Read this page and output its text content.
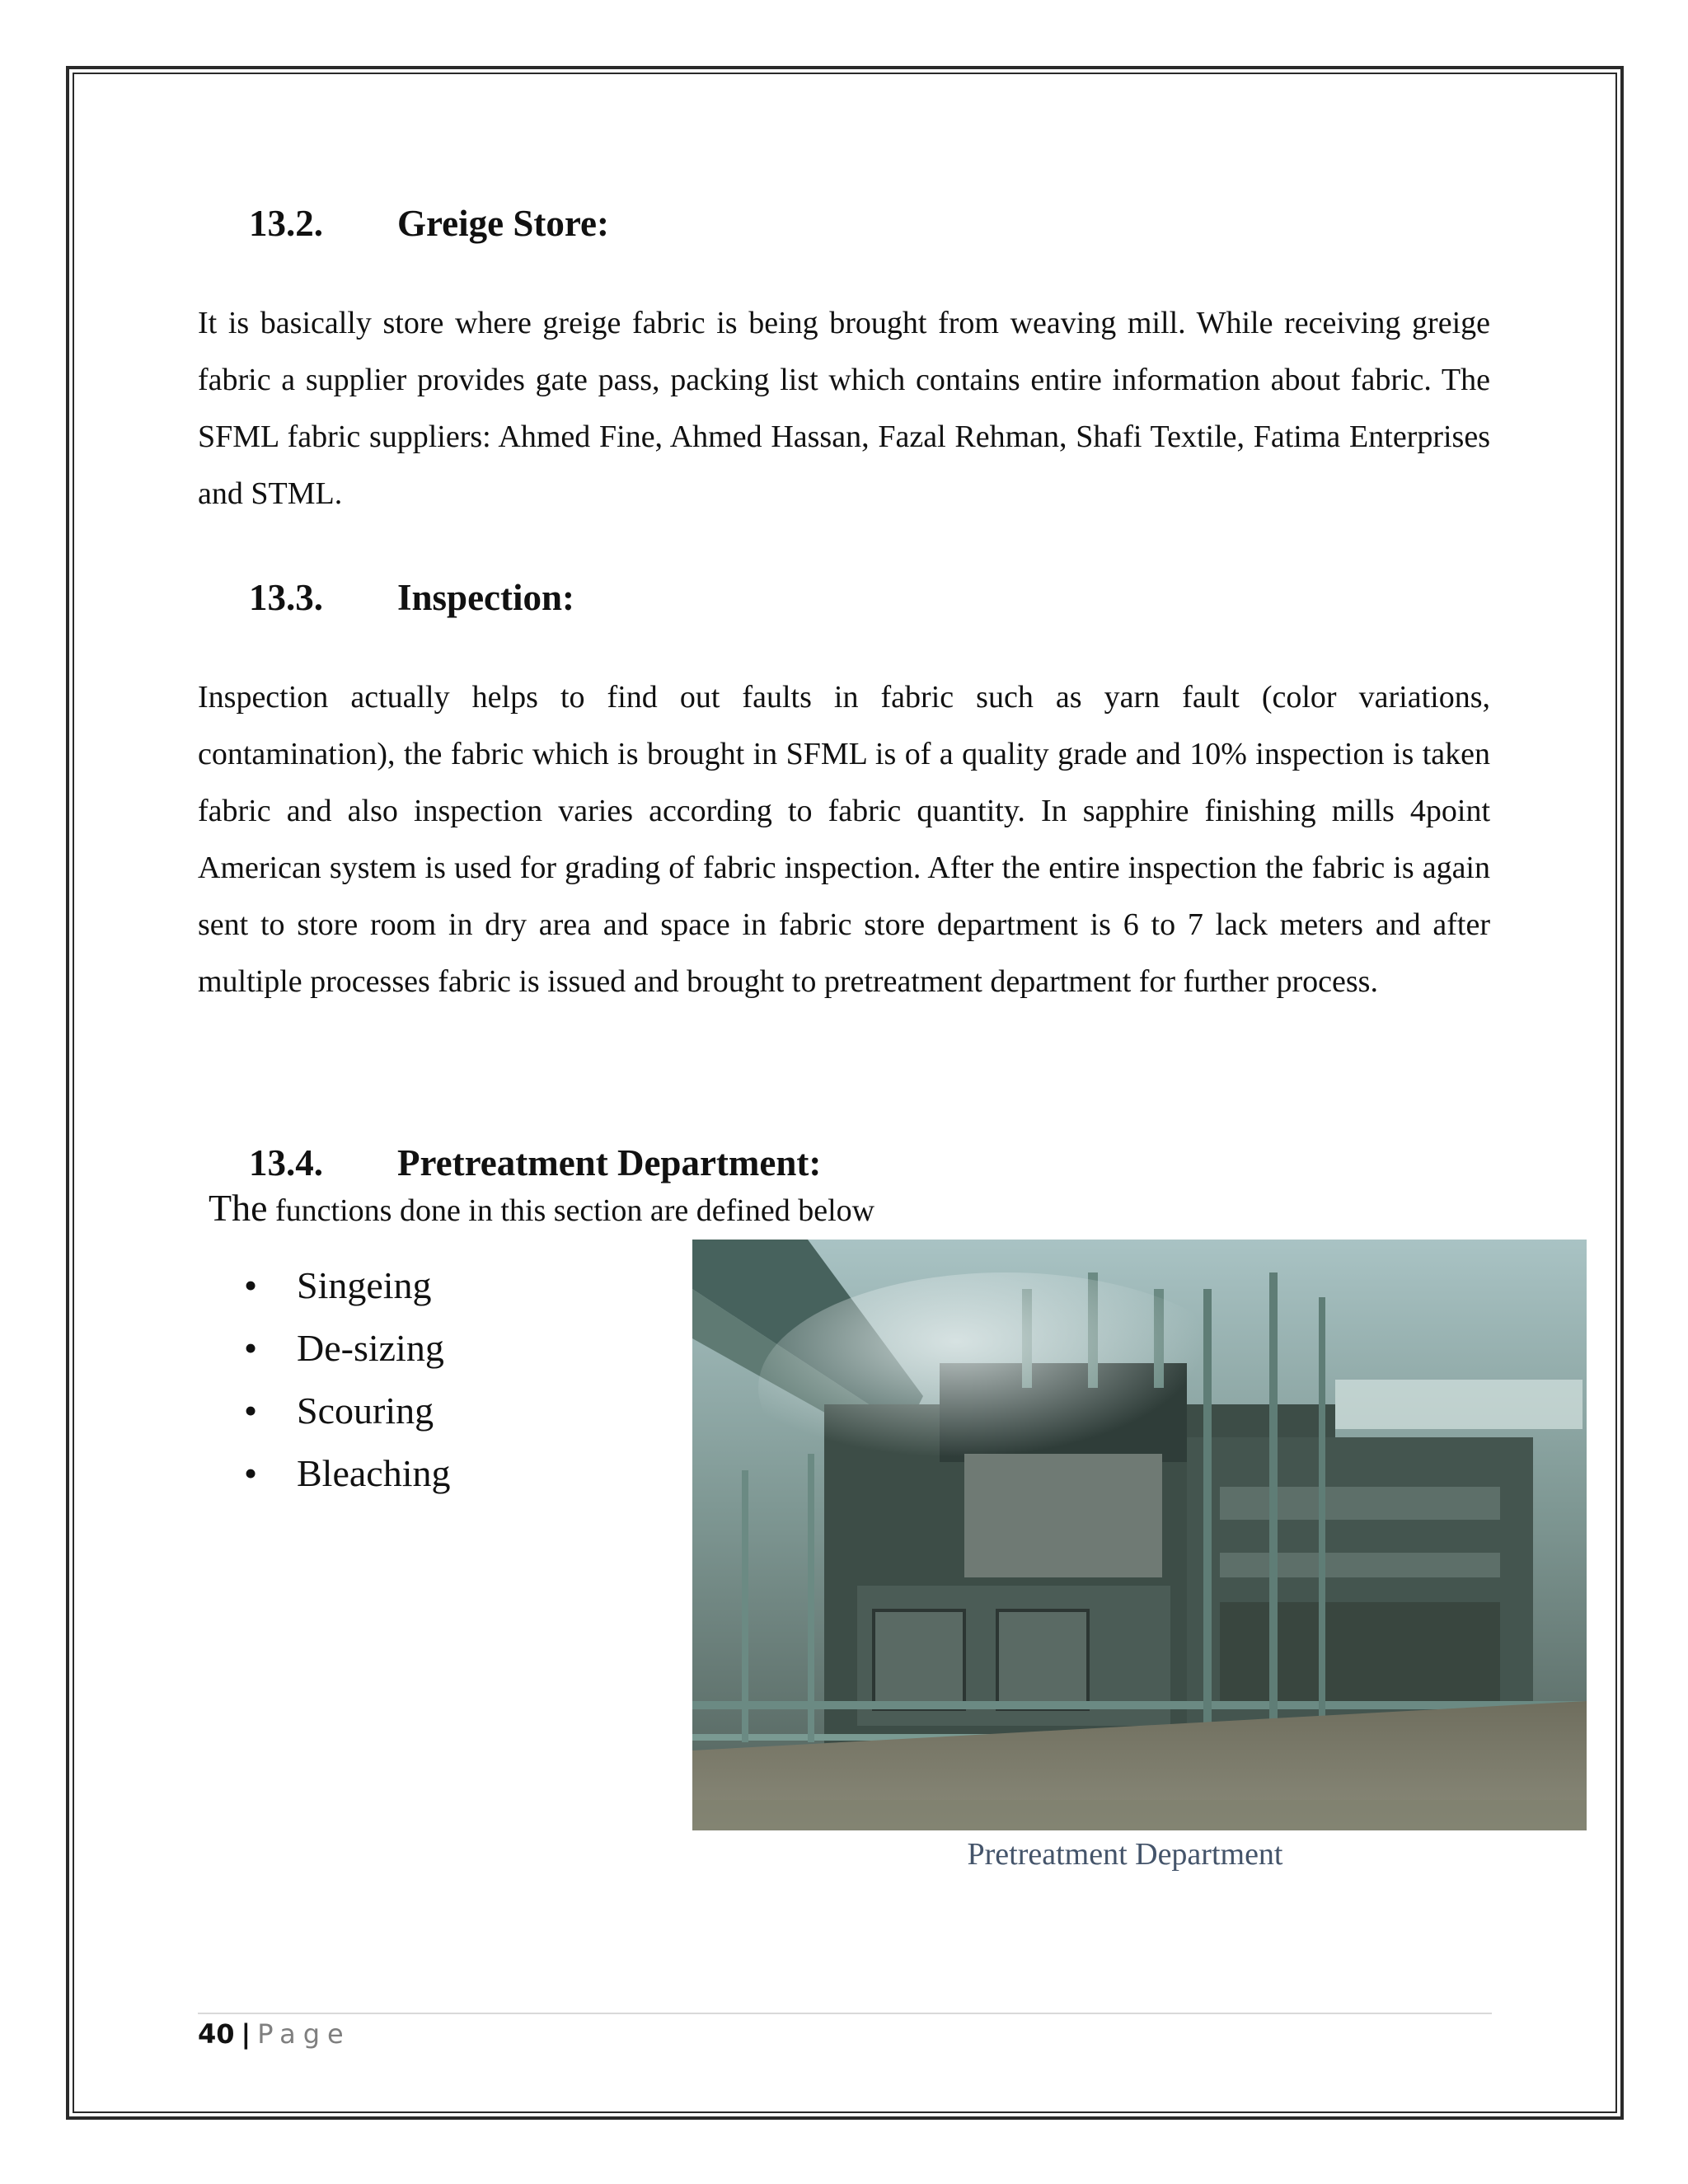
13.2. Greige Store:

It is basically store where greige fabric is being brought from weaving mill. While receiving greige fabric a supplier provides gate pass, packing list which contains entire information about fabric. The SFML fabric suppliers: Ahmed Fine, Ahmed Hassan, Fazal Rehman, Shafi Textile, Fatima Enterprises and STML.

13.3. Inspection:

Inspection actually helps to find out faults in fabric such as yarn fault (color variations, contamination), the fabric which is brought in SFML is of a quality grade and 10% inspection is taken fabric and also inspection varies according to fabric quantity. In sapphire finishing mills 4point American system is used for grading of fabric inspection. After the entire inspection the fabric is again sent to store room in dry area and space in fabric store department is 6 to 7 lack meters and after multiple processes fabric is issued and brought to pretreatment department for further process.

13.4. Pretreatment Department:
The functions done in this section are defined below
• Singeing
• De-sizing
• Scouring
• Bleaching
Pretreatment Department
40 | Page
